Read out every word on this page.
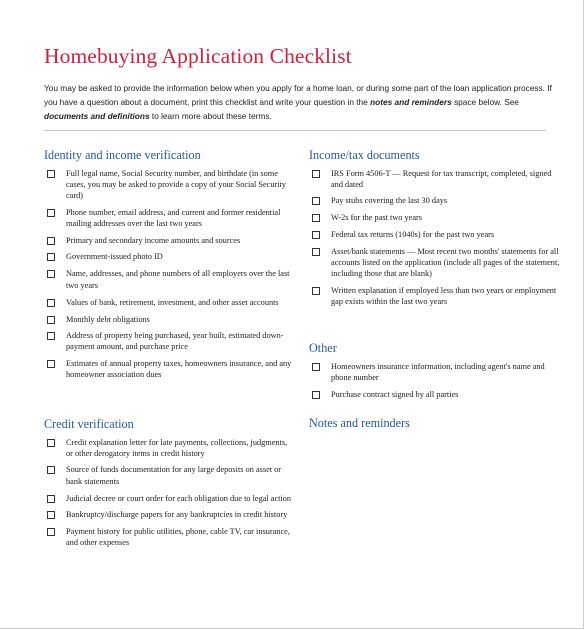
Homebuying Application Checklist
You may be asked to provide the information below when you apply for a home loan, or during some part of the loan application process. If you have a question about a document, print this checklist and write your question in the notes and reminders space below. See documents and definitions to learn more about these terms.
Identity and income verification
Full legal name, Social Security number, and birthdate (in some cases, you may be asked to provide a copy of your Social Security card)
Phone number, email address, and current and former residential mailing addresses over the last two years
Primary and secondary income amounts and sources
Government-issued photo ID
Name, addresses, and phone numbers of all employers over the last two years
Values of bank, retirement, investment, and other asset accounts
Monthly debt obligations
Address of property being purchased, year built, estimated down-payment amount, and purchase price
Estimates of annual property taxes, homeowners insurance, and any homeowner association dues
Credit verification
Credit explanation letter for late payments, collections, judgments, or other derogatory items in credit history
Source of funds documentation for any large deposits on asset or bank statements
Judicial decree or court order for each obligation due to legal action
Bankruptcy/discharge papers for any bankruptcies in credit history
Payment history for public utilities, phone, cable TV, car insurance, and other expenses
Income/tax documents
IRS Form 4506-T — Request for tax transcript, completed, signed and dated
Pay stubs covering the last 30 days
W-2s for the past two years
Federal tax returns (1040s) for the past two years
Asset/bank statements — Most recent two months' statements for all accounts listed on the application (include all pages of the statement, including those that are blank)
Written explanation if employed less than two years or employment gap exists within the last two years
Other
Homeowners insurance information, including agent's name and phone number
Purchase contract signed by all parties
Notes and reminders
